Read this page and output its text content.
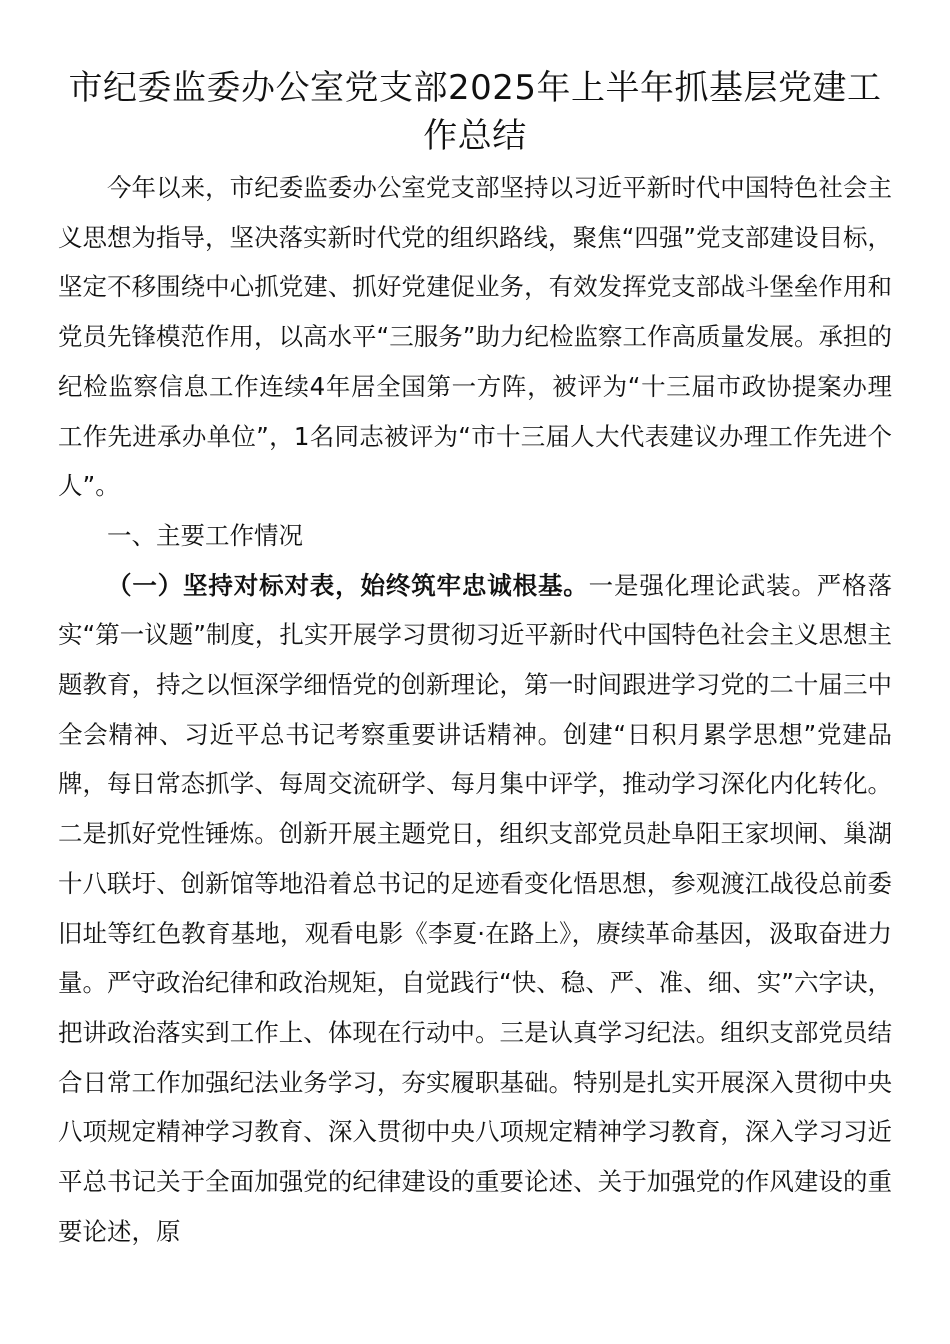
市纪委监委办公室党支部2025年上半年抓基层党建工作总结

今年以来，市纪委监委办公室党支部坚持以习近平新时代中国特色社会主义思想为指导，坚决落实新时代党的组织路线，聚焦“四强”党支部建设目标，坚定不移围绕中心抓党建、抓好党建促业务，有效发挥党支部战斗堡垒作用和党员先锋模范作用，以高水平“三服务”助力纪检监察工作高质量发展。承担的纪检监察信息工作连续4年居全国第一方阵，被评为“十三届市政协提案办理工作先进承办单位”，1名同志被评为“市十三届人大代表建议办理工作先进个人”。

一、主要工作情况

（一）坚持对标对表，始终筑牢忠诚根基。一是强化理论武装。严格落实“第一议题”制度，扎实开展学习贯彻习近平新时代中国特色社会主义思想主题教育，持之以恒深学细悟党的创新理论，第一时间跟进学习党的二十届三中全会精神、习近平总书记考察重要讲话精神。创建“日积月累学思想”党建品牌，每日常态抓学、每周交流研学、每月集中评学，推动学习深化内化转化。二是抓好党性锤炼。创新开展主题党日，组织支部党员赴阜阳王家坝闸、巢湖十八联圩、创新馆等地沿着总书记的足迹看变化悟思想，参观渡江战役总前委旧址等红色教育基地，观看电影《李夏·在路上》，赓续革命基因，汲取奋进力量。严守政治纪律和政治规矩，自觉践行“快、稳、严、准、细、实”六字诀，把讲政治落实到工作上、体现在行动中。三是认真学习纪法。组织支部党员结合日常工作加强纪法业务学习，夯实履职基础。特别是扎实开展深入贯彻中央八项规定精神学习教育、深入贯彻中央八项规定精神学习教育，深入学习习近平总书记关于全面加强党的纪律建设的重要论述、关于加强党的作风建设的重要论述，原
